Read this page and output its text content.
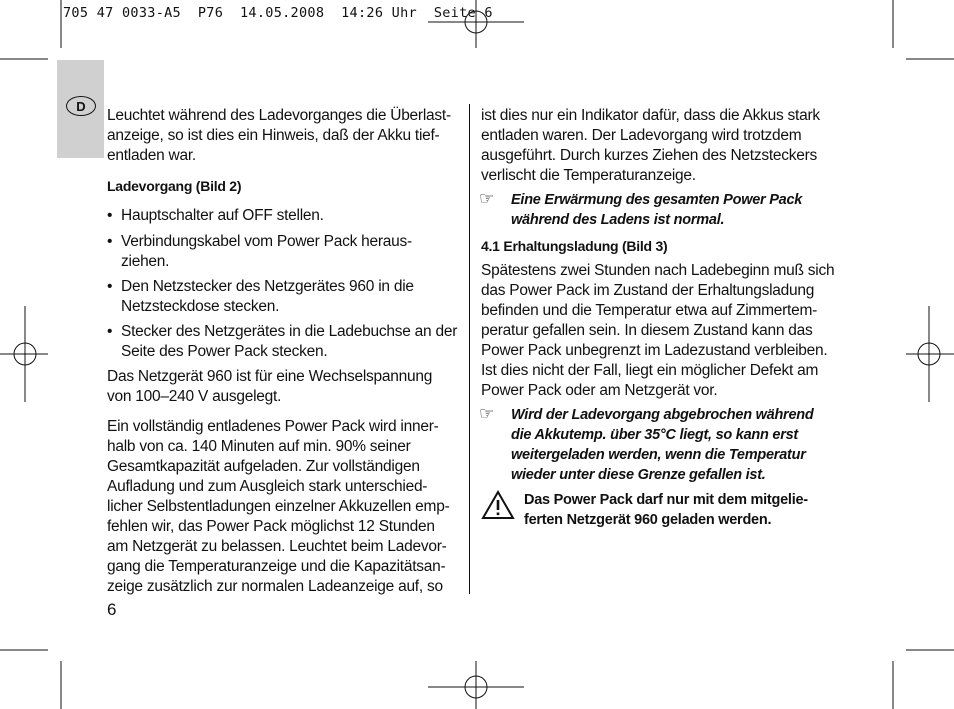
705 47 0033-A5  P76  14.05.2008  14:26 Uhr  Seite 6
D

Leuchtet während des Ladevorganges die Überlast-
anzeige, so ist dies ein Hinweis, daß der Akku tief-
entladen war.

Ladevorgang (Bild 2)

• Hauptschalter auf OFF stellen.
• Verbindungskabel vom Power Pack heraus-
ziehen.
• Den Netzstecker des Netzgerätes 960 in die
Netzsteckdose stecken.
• Stecker des Netzgerätes in die Ladebuchse an der
Seite des Power Pack stecken.

Das Netzgerät 960 ist für eine Wechselspannung
von 100–240 V ausgelegt.

Ein vollständig entladenes Power Pack wird inner-
halb von ca. 140 Minuten auf min. 90% seiner
Gesamtkapazität aufgeladen. Zur vollständigen
Aufladung und zum Ausgleich stark unterschied-
licher Selbstentladungen einzelner Akkuzellen emp-
fehlen wir, das Power Pack möglichst 12 Stunden
am Netzgerät zu belassen. Leuchtet beim Ladevor-
gang die Temperaturanzeige und die Kapazitätsan-
zeige zusätzlich zur normalen Ladeanzeige auf, so

ist dies nur ein Indikator dafür, dass die Akkus stark
entladen waren. Der Ladevorgang wird trotzdem
ausgeführt. Durch kurzes Ziehen des Netzsteckers
verlischt die Temperaturanzeige.

☞	Eine Erwärmung des gesamten Power Pack
während des Ladens ist normal.

4.1 Erhaltungsladung (Bild 3)

Spätestens zwei Stunden nach Ladebeginn muß sich
das Power Pack im Zustand der Erhaltungsladung
befinden und die Temperatur etwa auf Zimmertem-
peratur gefallen sein. In diesem Zustand kann das
Power Pack unbegrenzt im Ladezustand verbleiben.
Ist dies nicht der Fall, liegt ein möglicher Defekt am
Power Pack oder am Netzgerät vor.

☞	Wird der Ladevorgang abgebrochen während
die Akkutemp. über 35°C liegt, so kann erst
weitergeladen werden, wenn die Temperatur
wieder unter diese Grenze gefallen ist.
Das Power Pack darf nur mit dem mitgelie-
ferten Netzgerät 960 geladen werden.
6
